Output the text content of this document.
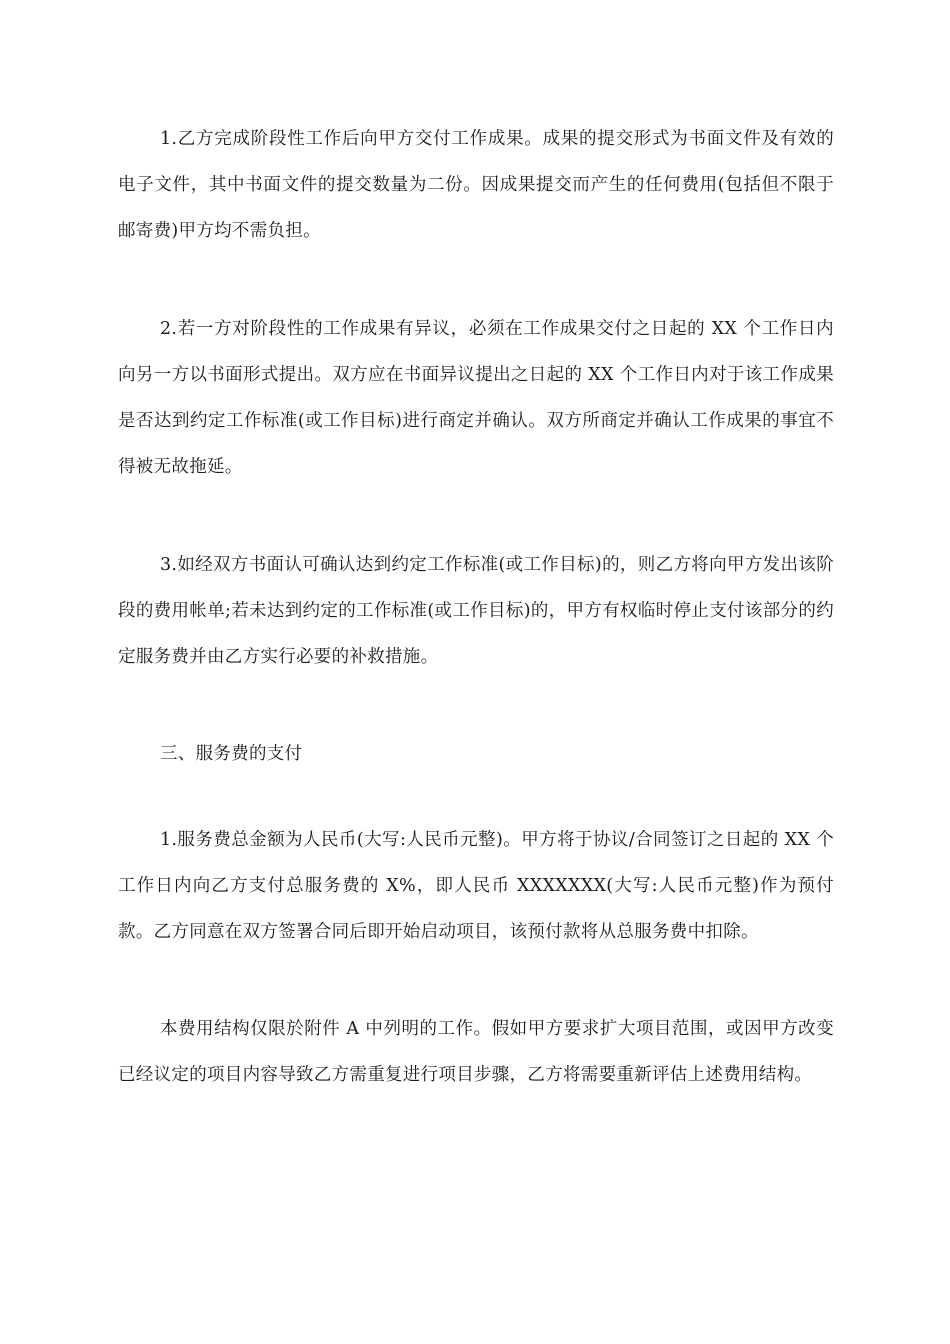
1.乙方完成阶段性工作后向甲方交付工作成果。成果的提交形式为书面文件及有效的电子文件，其中书面文件的提交数量为二份。因成果提交而产生的任何费用(包括但不限于邮寄费)甲方均不需负担。

2.若一方对阶段性的工作成果有异议，必须在工作成果交付之日起的 XX 个工作日内向另一方以书面形式提出。双方应在书面异议提出之日起的 XX 个工作日内对于该工作成果是否达到约定工作标准(或工作目标)进行商定并确认。双方所商定并确认工作成果的事宜不得被无故拖延。

3.如经双方书面认可确认达到约定工作标准(或工作目标)的，则乙方将向甲方发出该阶段的费用帐单;若未达到约定的工作标准(或工作目标)的，甲方有权临时停止支付该部分的约定服务费并由乙方实行必要的补救措施。

三、服务费的支付

1.服务费总金额为人民币(大写:人民币元整)。甲方将于协议/合同签订之日起的 XX 个工作日内向乙方支付总服务费的 X%，即人民币 XXXXXXX(大写:人民币元整)作为预付款。乙方同意在双方签署合同后即开始启动项目，该预付款将从总服务费中扣除。

本费用结构仅限於附件 A 中列明的工作。假如甲方要求扩大项目范围，或因甲方改变已经议定的项目内容导致乙方需重复进行项目步骤，乙方将需要重新评估上述费用结构。
